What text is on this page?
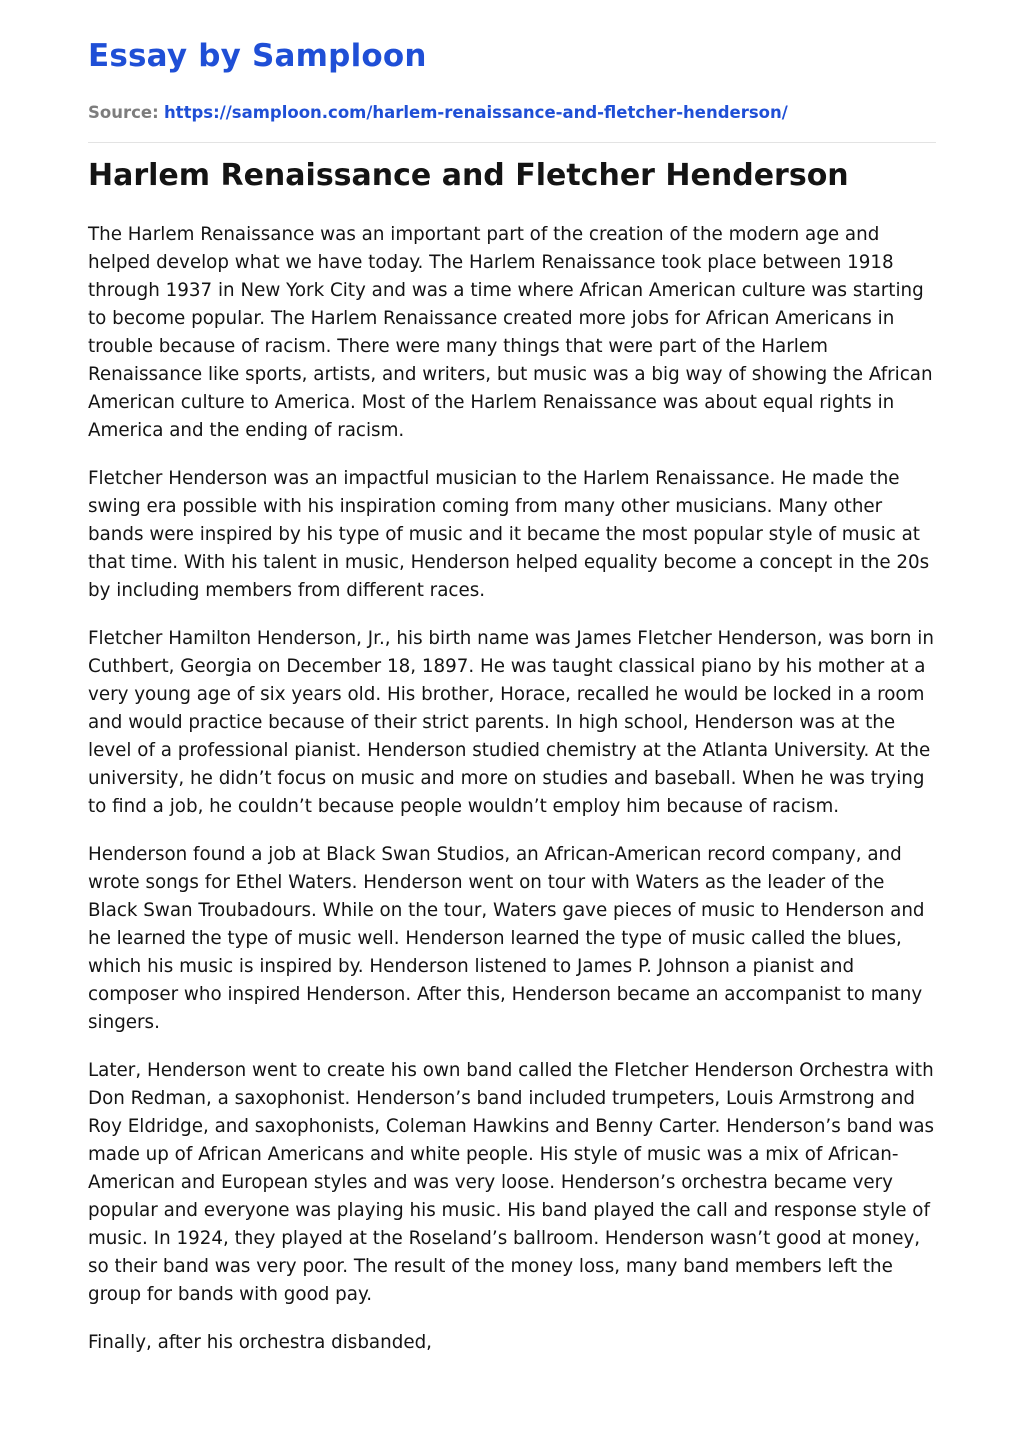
Essay by Samploon
Source: https://samploon.com/harlem-renaissance-and-fletcher-henderson/
Harlem Renaissance and Fletcher Henderson

The Harlem Renaissance was an important part of the creation of the modern age and helped develop what we have today. The Harlem Renaissance took place between 1918 through 1937 in New York City and was a time where African American culture was starting to become popular. The Harlem Renaissance created more jobs for African Americans in trouble because of racism. There were many things that were part of the Harlem Renaissance like sports, artists, and writers, but music was a big way of showing the African American culture to America. Most of the Harlem Renaissance was about equal rights in America and the ending of racism.

Fletcher Henderson was an impactful musician to the Harlem Renaissance. He made the swing era possible with his inspiration coming from many other musicians. Many other bands were inspired by his type of music and it became the most popular style of music at that time. With his talent in music, Henderson helped equality become a concept in the 20s by including members from different races.

Fletcher Hamilton Henderson, Jr., his birth name was James Fletcher Henderson, was born in Cuthbert, Georgia on December 18, 1897. He was taught classical piano by his mother at a very young age of six years old. His brother, Horace, recalled he would be locked in a room and would practice because of their strict parents. In high school, Henderson was at the level of a professional pianist. Henderson studied chemistry at the Atlanta University. At the university, he didn’t focus on music and more on studies and baseball. When he was trying to find a job, he couldn’t because people wouldn’t employ him because of racism.

Henderson found a job at Black Swan Studios, an African-American record company, and wrote songs for Ethel Waters. Henderson went on tour with Waters as the leader of the Black Swan Troubadours. While on the tour, Waters gave pieces of music to Henderson and he learned the type of music well. Henderson learned the type of music called the blues, which his music is inspired by. Henderson listened to James P. Johnson a pianist and composer who inspired Henderson. After this, Henderson became an accompanist to many singers.

Later, Henderson went to create his own band called the Fletcher Henderson Orchestra with Don Redman, a saxophonist. Henderson’s band included trumpeters, Louis Armstrong and Roy Eldridge, and saxophonists, Coleman Hawkins and Benny Carter. Henderson’s band was made up of African Americans and white people. His style of music was a mix of African-American and European styles and was very loose. Henderson’s orchestra became very popular and everyone was playing his music. His band played the call and response style of music. In 1924, they played at the Roseland’s ballroom. Henderson wasn’t good at money, so their band was very poor. The result of the money loss, many band members left the group for bands with good pay.

Finally, after his orchestra disbanded,
